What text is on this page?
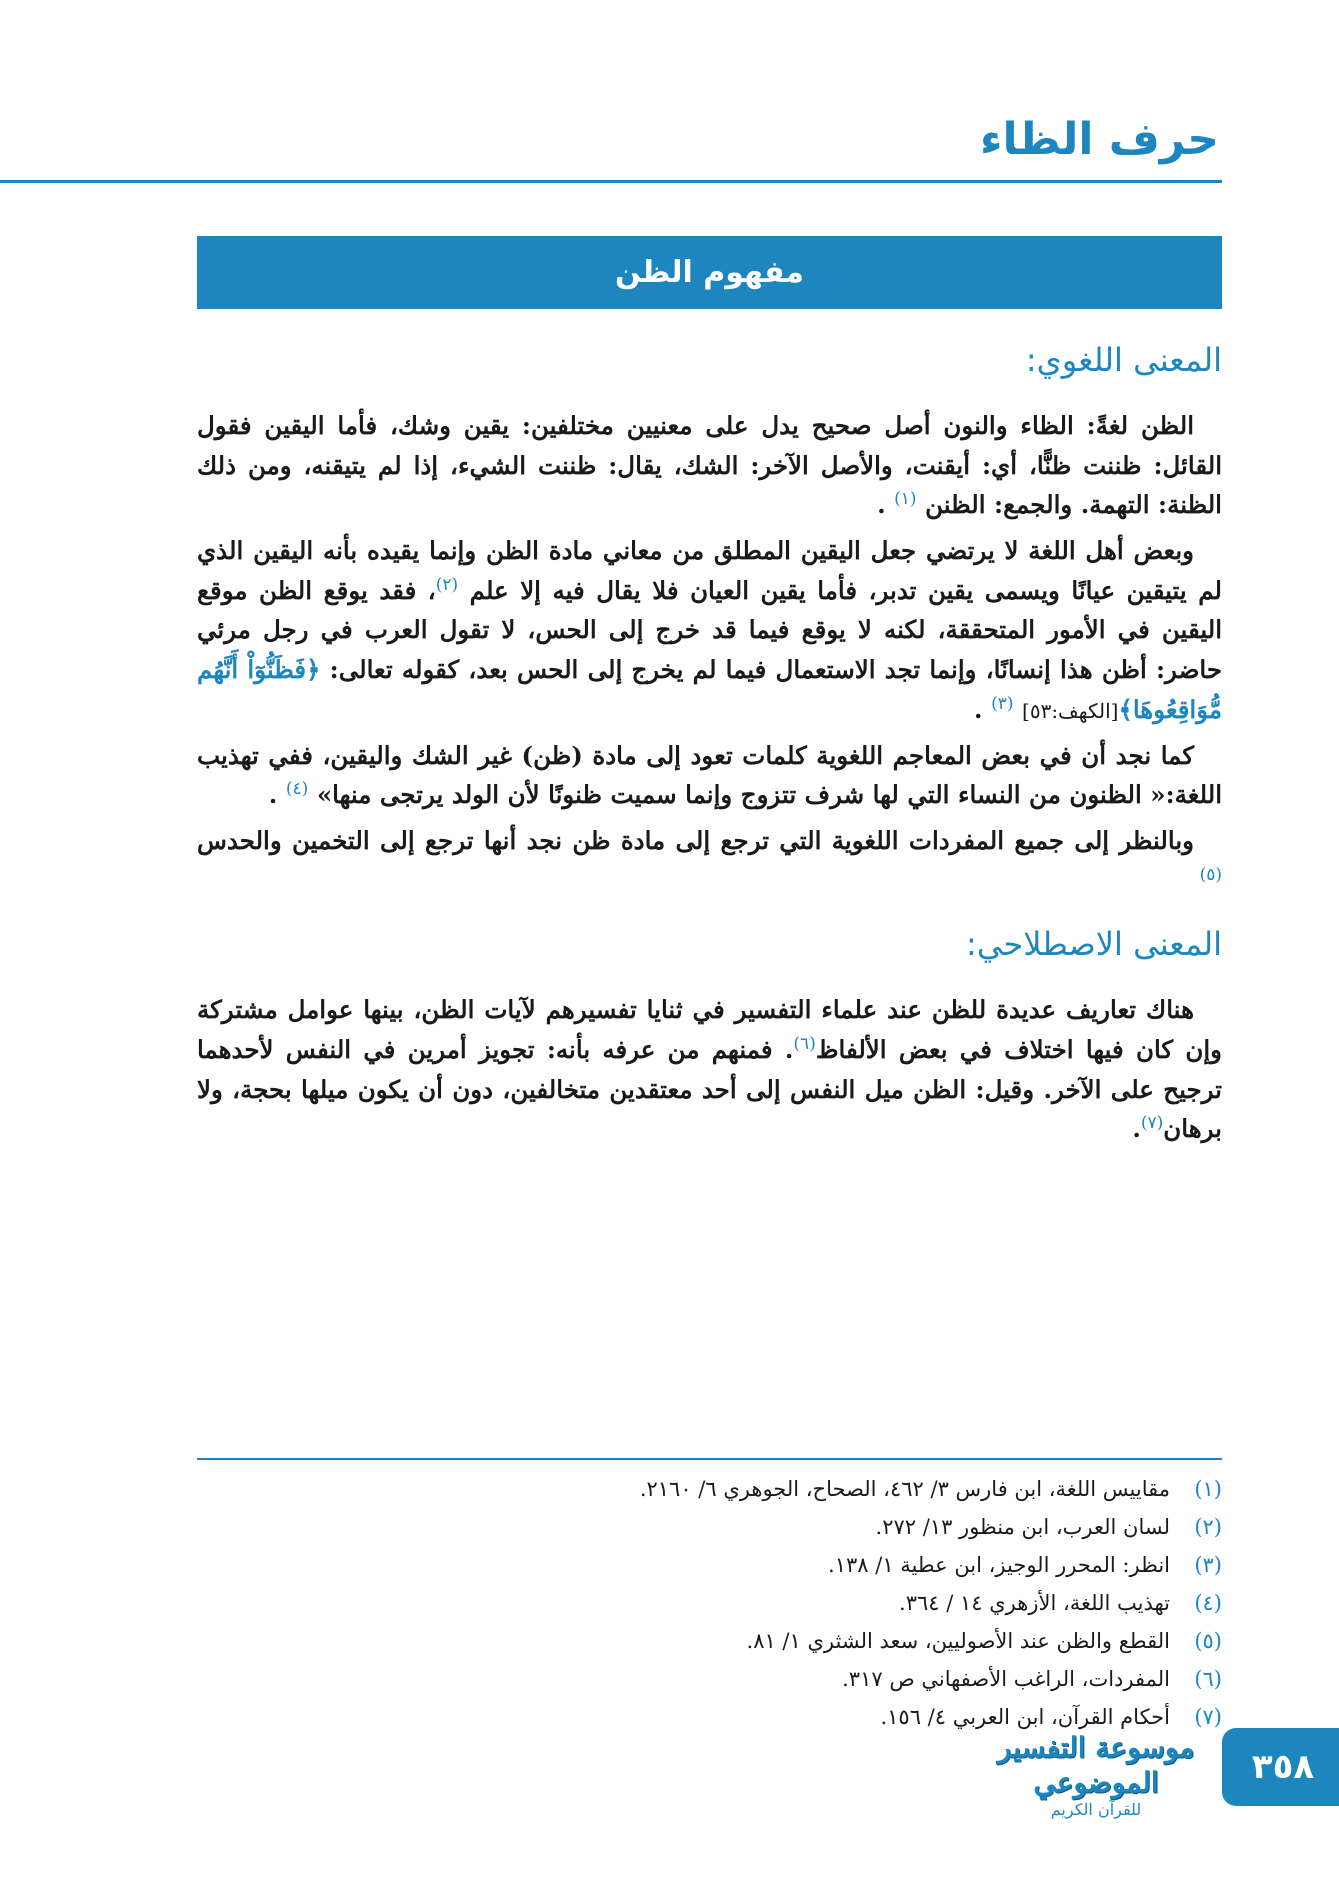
حرف الظاء
مفهوم الظن
المعنى اللغوي:

الظن لغةً: الظاء والنون أصل صحيح يدل على معنيين مختلفين: يقين وشك، فأما اليقين فقول القائل: ظننت ظنًّا، أي: أيقنت، والأصل الآخر: الشك، يقال: ظننت الشيء، إذا لم يتيقنه، ومن ذلك الظنة: التهمة. والجمع: الظنن $^{(١)}$ .

وبعض أهل اللغة لا يرتضي جعل اليقين المطلق من معاني مادة الظن وإنما يقيده بأنه اليقين الذي لم يتيقين عيانًا ويسمى يقين تدبر، فأما يقين العيان فلا يقال فيه إلا علم $^{(٢)}$، فقد يوقع الظن موقع اليقين في الأمور المتحققة، لكنه لا يوقع فيما قد خرج إلى الحس، لا تقول العرب في رجل مرئي حاضر: أظن هذا إنسانًا، وإنما تجد الاستعمال فيما لم يخرج إلى الحس بعد، كقوله تعالى: ﴿فَظَنُّوٓاْ أَنَّهُم مُّوَاقِعُوهَا﴾[الكهف:٥٣] $^{(٣)}$ .

كما نجد أن في بعض المعاجم اللغوية كلمات تعود إلى مادة (ظن) غير الشك واليقين، ففي تهذيب اللغة:« الظنون من النساء التي لها شرف تتزوج وإنما سميت ظنونًا لأن الولد يرتجى منها» $^{(٤)}$ .

وبالنظر إلى جميع المفردات اللغوية التي ترجع إلى مادة ظن نجد أنها ترجع إلى التخمين والحدس $^{(٥)}$

المعنى الاصطلاحي:

هناك تعاريف عديدة للظن عند علماء التفسير في ثنايا تفسيرهم لآيات الظن، بينها عوامل مشتركة وإن كان فيها اختلاف في بعض الألفاظ$^{(٦)}$. فمنهم من عرفه بأنه: تجويز أمرين في النفس لأحدهما ترجيح على الآخر. وقيل: الظن ميل النفس إلى أحد معتقدين متخالفين، دون أن يكون ميلها بحجة، ولا برهان$^{(٧)}$.

(١)
مقاييس اللغة، ابن فارس ٣/ ٤٦٢، الصحاح، الجوهري ٦/ ٢١٦٠.
(٢)
لسان العرب، ابن منظور ١٣/ ٢٧٢.
(٣)
انظر: المحرر الوجيز، ابن عطية ١/ ١٣٨.
(٤)
تهذيب اللغة، الأزهري ١٤ / ٣٦٤.
(٥)
القطع والظن عند الأصوليين، سعد الشثري ١/ ٨١.
(٦)
المفردات، الراغب الأصفهاني ص ٣١٧.
(٧)
أحكام القرآن، ابن العربي ٤/ ١٥٦.
٣٥٨
موسوعة التفسير الموضوعي
للقرآن الكريم
